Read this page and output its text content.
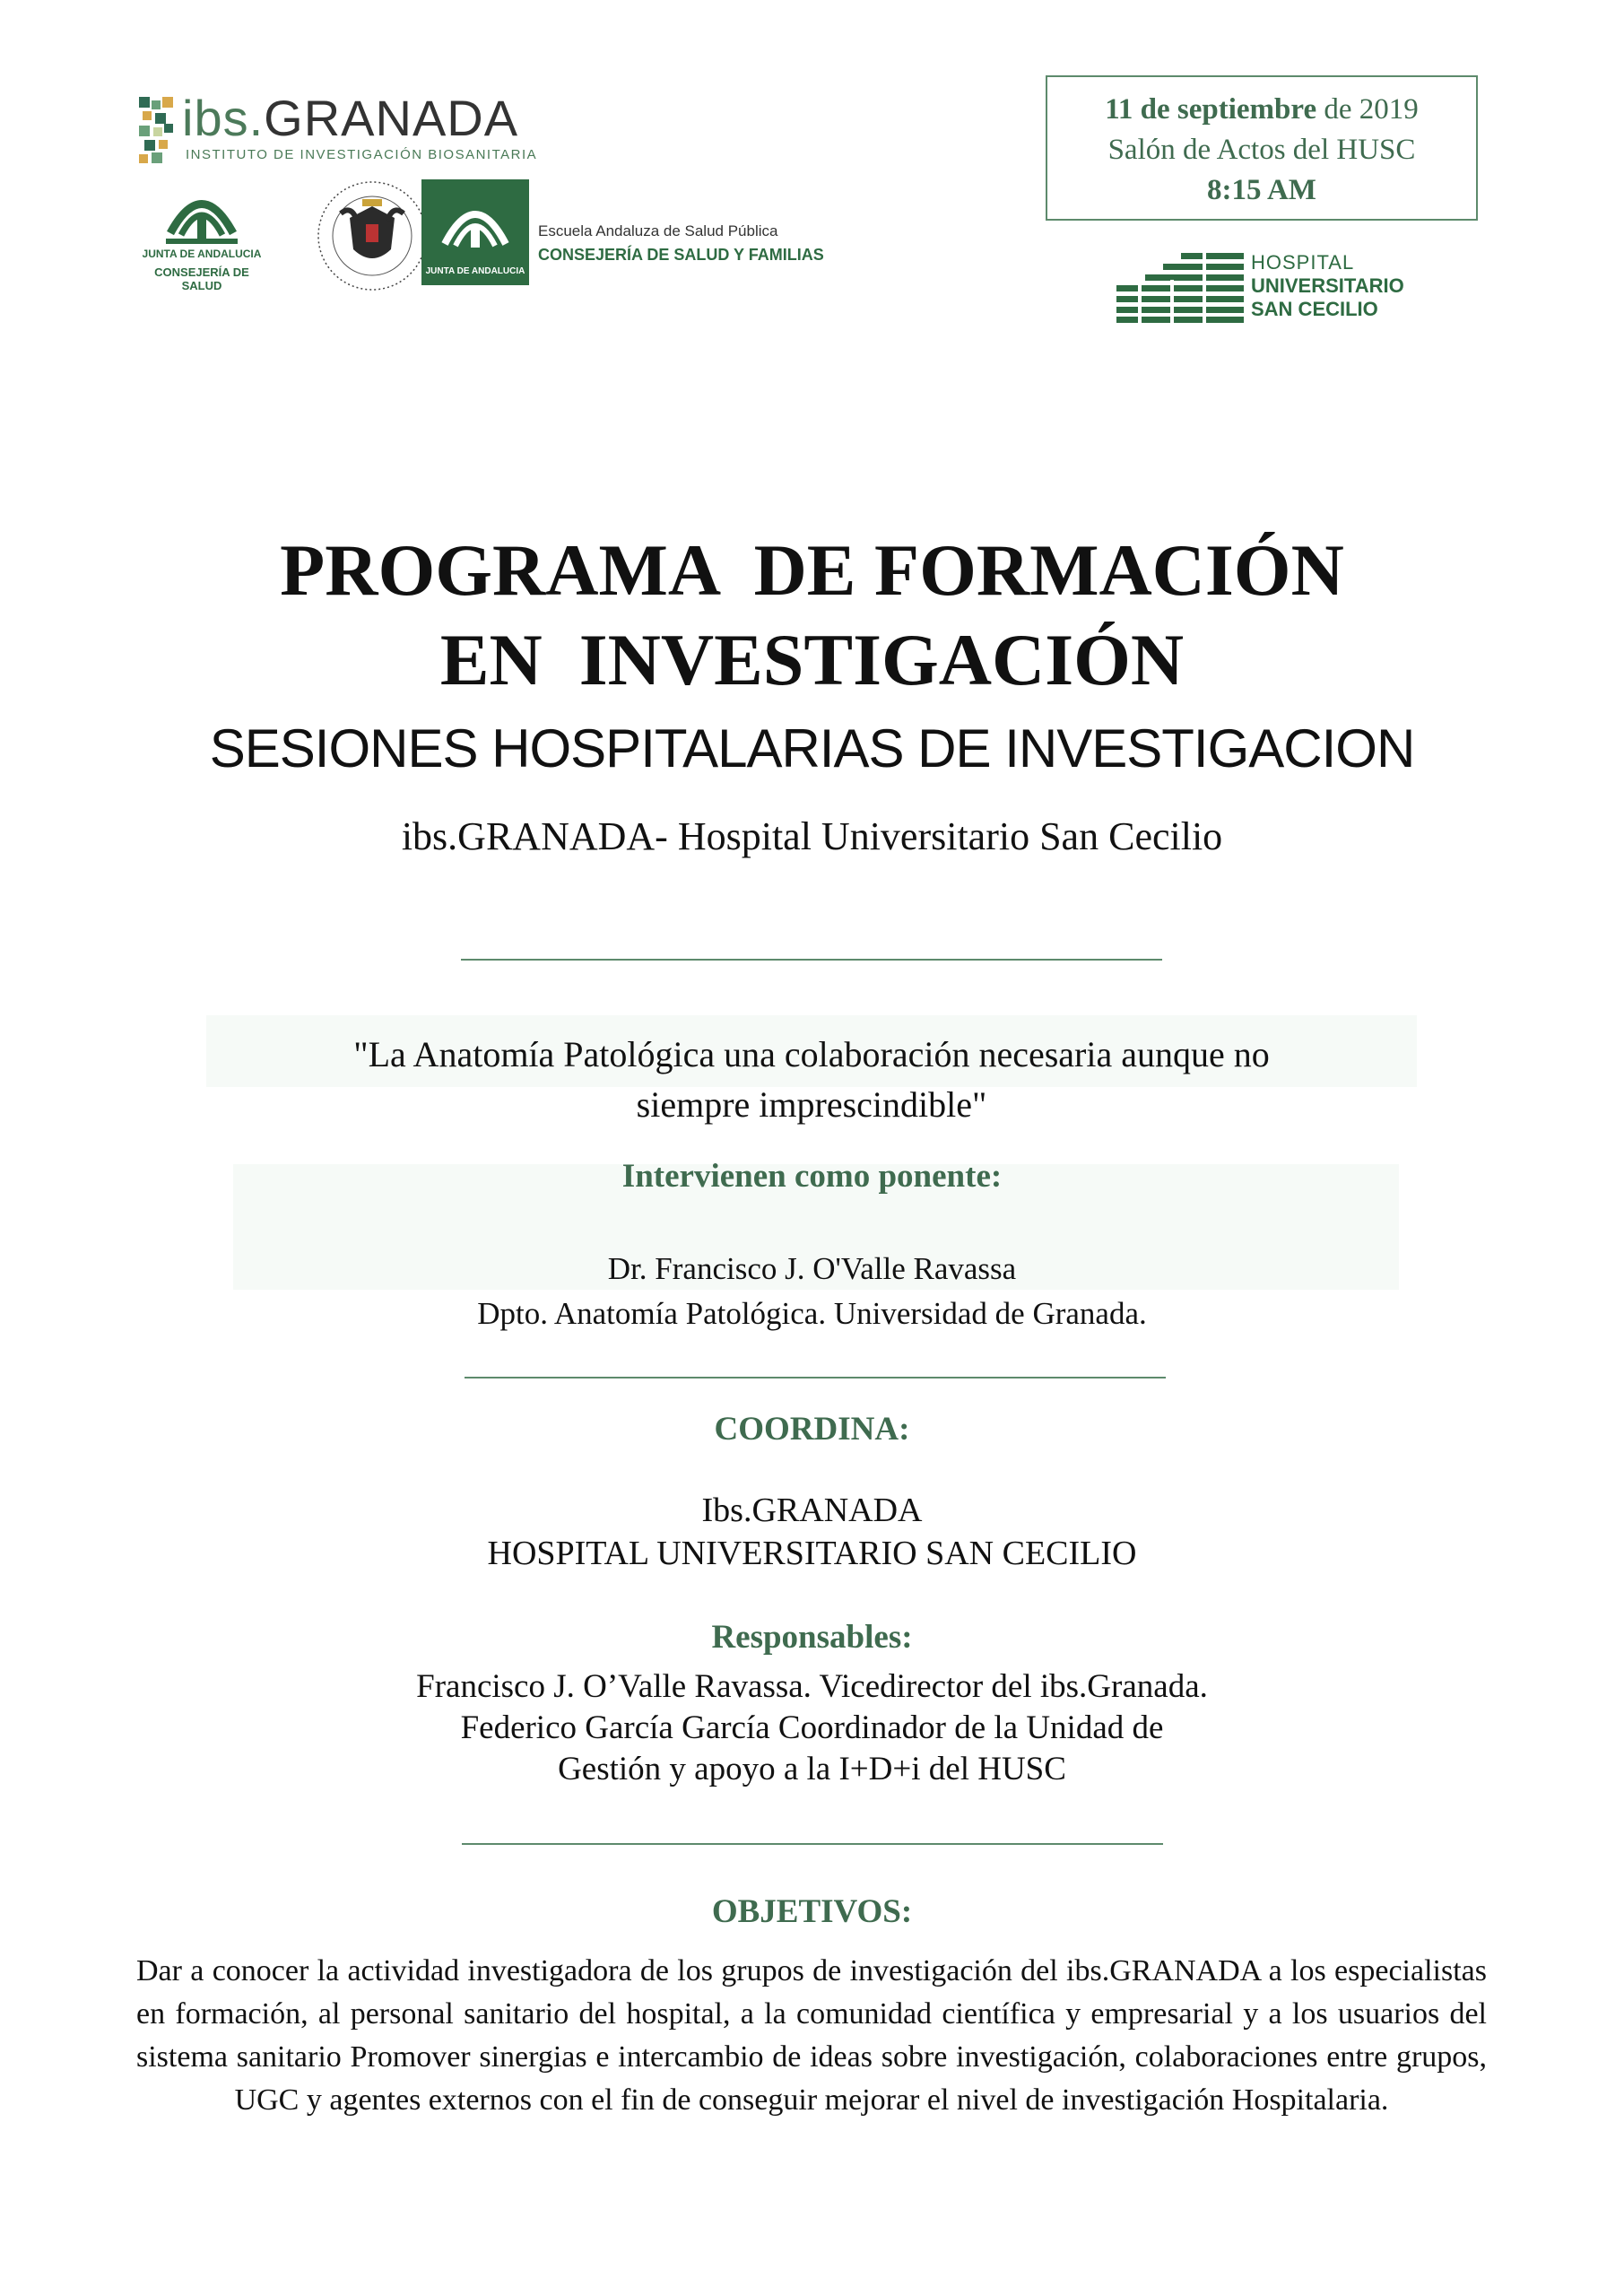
ibs.GRANADA
INSTITUTO DE INVESTIGACIÓN BIOSANITARIA
JUNTA DE ANDALUCIA
CONSEJERÍA DE SALUD
JUNTA DE ANDALUCIA
Escuela Andaluza de Salud Pública
CONSEJERÍA DE SALUD Y FAMILIAS
11 de septiembre de 2019
Salón de Actos del HUSC
8:15 AM
HOSPITAL
UNIVERSITARIO
SAN CECILIO
PROGRAMA  DE FORMACIÓN
EN  INVESTIGACIÓN
SESIONES HOSPITALARIAS DE INVESTIGACION
ibs.GRANADA- Hospital Universitario San Cecilio
"La Anatomía Patológica una colaboración necesaria aunque no
siempre imprescindible"
Intervienen como ponente:
Dr. Francisco J. O'Valle Ravassa
Dpto. Anatomía Patológica. Universidad de Granada.
COORDINA:
Ibs.GRANADA
HOSPITAL UNIVERSITARIO SAN CECILIO
Responsables:
Francisco J. O’Valle Ravassa. Vicedirector del ibs.Granada.
Federico García García Coordinador de la Unidad de
Gestión y apoyo a la I+D+i del HUSC
OBJETIVOS:
Dar a conocer la actividad investigadora de los grupos de investigación del ibs.GRANADA a los especialistas en formación, al personal sanitario del hospital, a la comunidad científica y empresarial y a los usuarios del sistema sanitario Promover sinergias e intercambio de ideas sobre investigación, colaboraciones entre grupos, UGC y agentes externos con el fin de conseguir mejorar el nivel de investigación Hospitalaria.
